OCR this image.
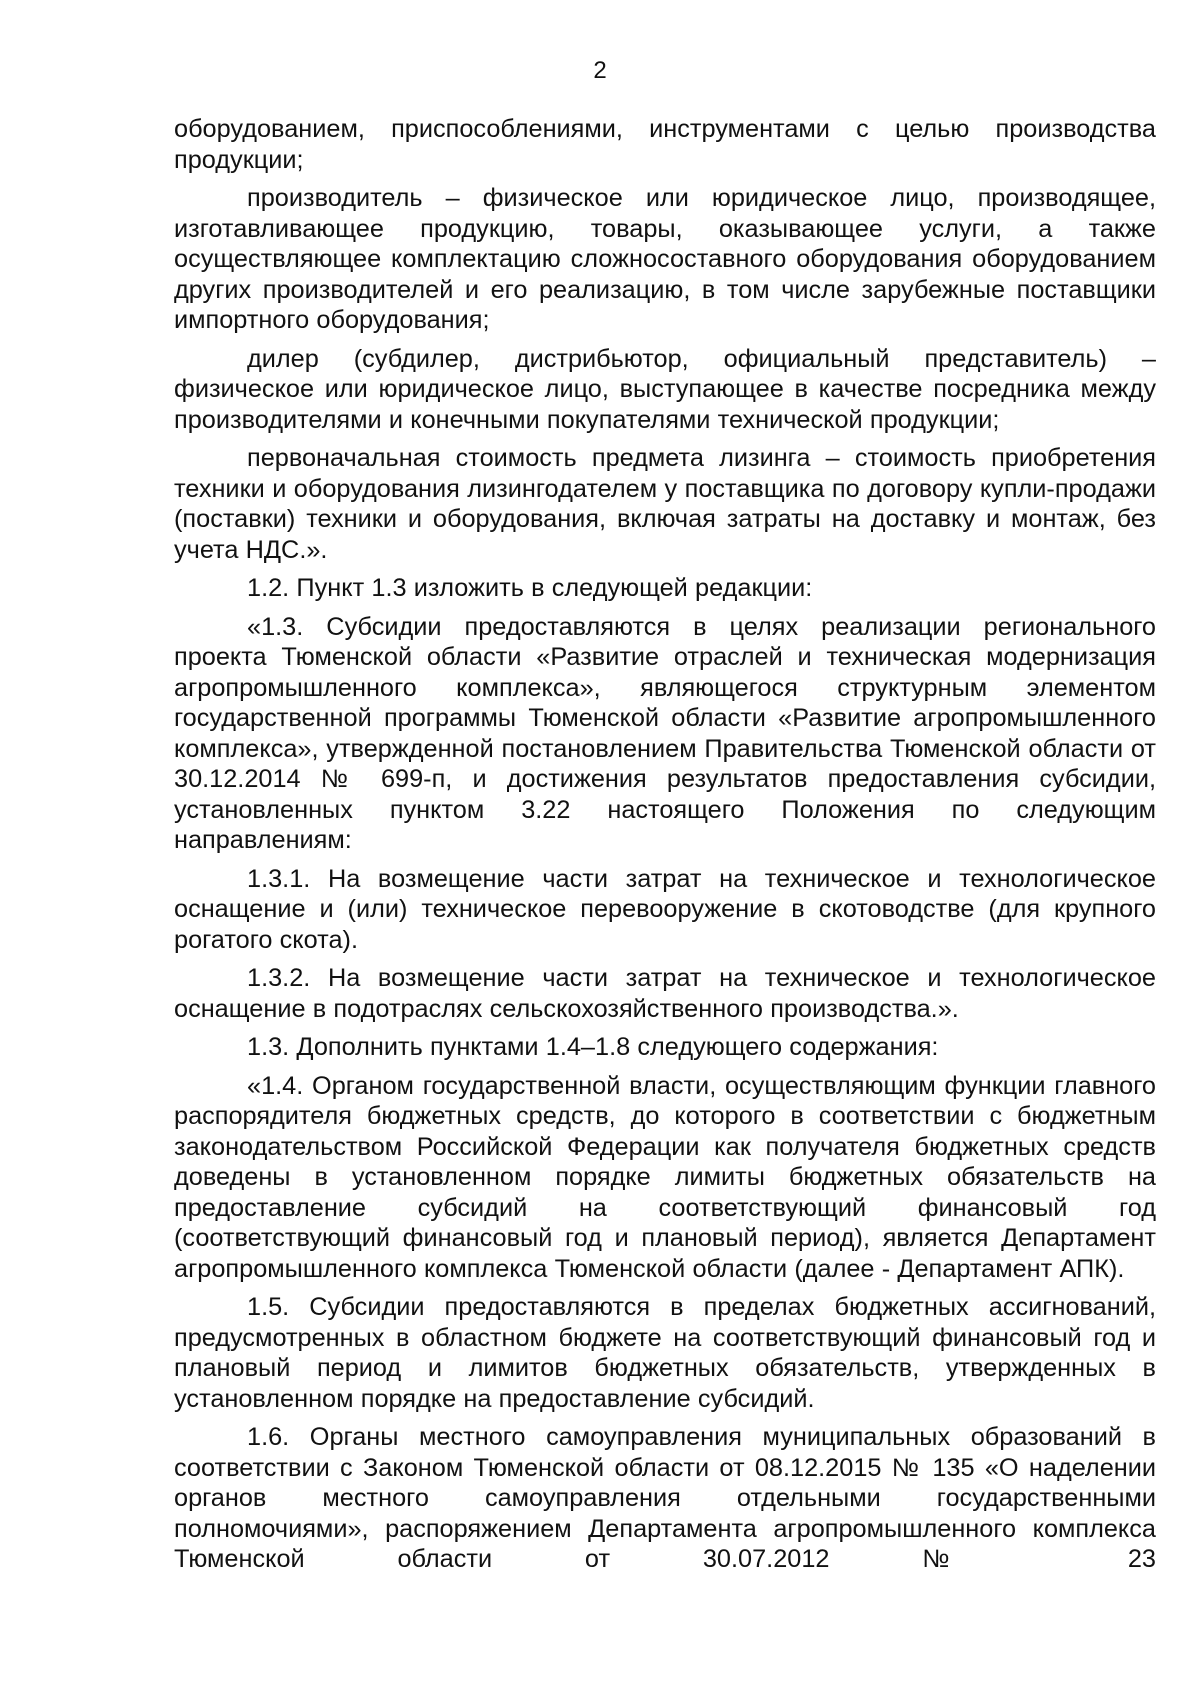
2

оборудованием, приспособлениями, инструментами с целью производства продукции;

производитель – физическое или юридическое лицо, производящее, изготавливающее продукцию, товары, оказывающее услуги, а также осуществляющее комплектацию сложносоставного оборудования оборудованием других производителей и его реализацию, в том числе зарубежные поставщики импортного оборудования;

дилер (субдилер, дистрибьютор, официальный представитель) – физическое или юридическое лицо, выступающее в качестве посредника между производителями и конечными покупателями технической продукции;

первоначальная стоимость предмета лизинга – стоимость приобретения техники и оборудования лизингодателем у поставщика по договору купли-продажи (поставки) техники и оборудования, включая затраты на доставку и монтаж, без учета НДС.».

1.2. Пункт 1.3 изложить в следующей редакции:

«1.3. Субсидии предоставляются в целях реализации регионального проекта Тюменской области «Развитие отраслей и техническая модернизация агропромышленного комплекса», являющегося структурным элементом государственной программы Тюменской области «Развитие агропромышленного комплекса», утвержденной постановлением Правительства Тюменской области от 30.12.2014 № 699-п, и достижения результатов предоставления субсидии, установленных пунктом 3.22 настоящего Положения по следующим направлениям:

1.3.1. На возмещение части затрат на техническое и технологическое оснащение и (или) техническое перевооружение в скотоводстве (для крупного рогатого скота).

1.3.2. На возмещение части затрат на техническое и технологическое оснащение в подотраслях сельскохозяйственного производства.».

1.3. Дополнить пунктами 1.4–1.8 следующего содержания:

«1.4. Органом государственной власти, осуществляющим функции главного распорядителя бюджетных средств, до которого в соответствии с бюджетным законодательством Российской Федерации как получателя бюджетных средств доведены в установленном порядке лимиты бюджетных обязательств на предоставление субсидий на соответствующий финансовый год (соответствующий финансовый год и плановый период), является Департамент агропромышленного комплекса Тюменской области (далее - Департамент АПК).

1.5. Субсидии предоставляются в пределах бюджетных ассигнований, предусмотренных в областном бюджете на соответствующий финансовый год и плановый период и лимитов бюджетных обязательств, утвержденных в установленном порядке на предоставление субсидий.

1.6. Органы местного самоуправления муниципальных образований в соответствии с Законом Тюменской области от 08.12.2015 № 135 «О наделении органов местного самоуправления отдельными государственными полномочиями», распоряжением Департамента агропромышленного комплекса Тюменской области от 30.07.2012 № 23
